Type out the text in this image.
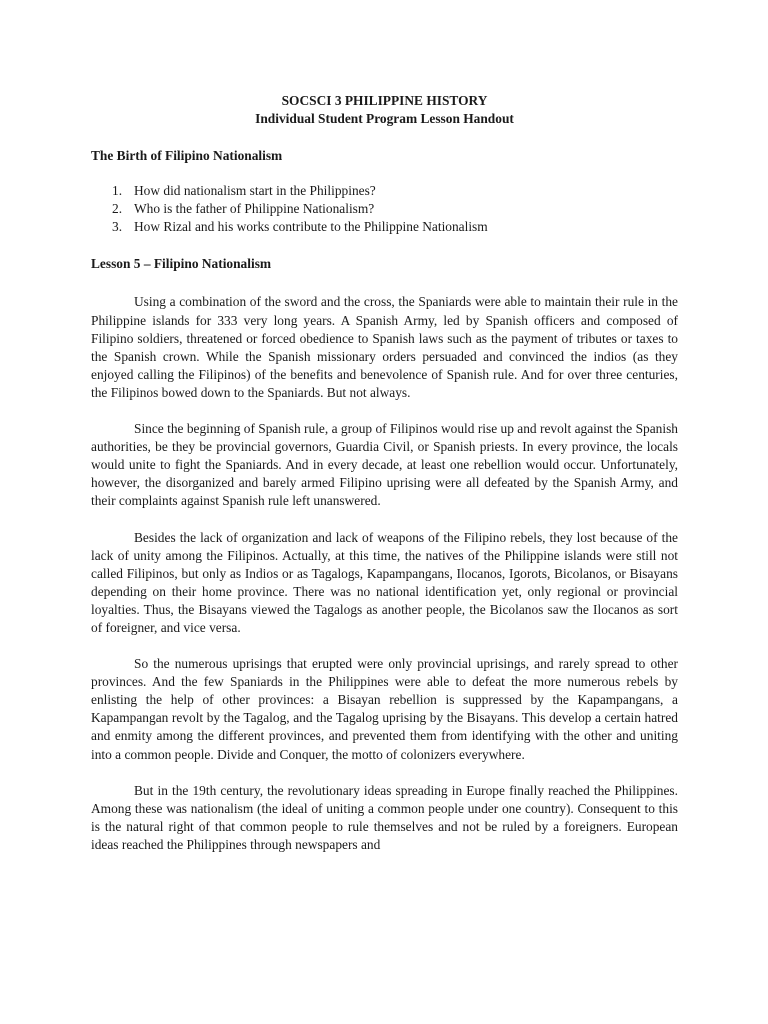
SOCSCI 3 PHILIPPINE HISTORY
Individual Student Program Lesson Handout
The Birth of Filipino Nationalism
1. How did nationalism start in the Philippines?
2. Who is the father of Philippine Nationalism?
3. How Rizal and his works contribute to the Philippine Nationalism
Lesson 5 – Filipino Nationalism

Using a combination of the sword and the cross, the Spaniards were able to maintain their rule in the Philippine islands for 333 very long years. A Spanish Army, led by Spanish officers and composed of Filipino soldiers, threatened or forced obedience to Spanish laws such as the payment of tributes or taxes to the Spanish crown. While the Spanish missionary orders persuaded and convinced the indios (as they enjoyed calling the Filipinos) of the benefits and benevolence of Spanish rule. And for over three centuries, the Filipinos bowed down to the Spaniards. But not always.

Since the beginning of Spanish rule, a group of Filipinos would rise up and revolt against the Spanish authorities, be they be provincial governors, Guardia Civil, or Spanish priests. In every province, the locals would unite to fight the Spaniards. And in every decade, at least one rebellion would occur. Unfortunately, however, the disorganized and barely armed Filipino uprising were all defeated by the Spanish Army, and their complaints against Spanish rule left unanswered.

Besides the lack of organization and lack of weapons of the Filipino rebels, they lost because of the lack of unity among the Filipinos. Actually, at this time, the natives of the Philippine islands were still not called Filipinos, but only as Indios or as Tagalogs, Kapampangans, Ilocanos, Igorots, Bicolanos, or Bisayans depending on their home province. There was no national identification yet, only regional or provincial loyalties. Thus, the Bisayans viewed the Tagalogs as another people, the Bicolanos saw the Ilocanos as sort of foreigner, and vice versa.

So the numerous uprisings that erupted were only provincial uprisings, and rarely spread to other provinces. And the few Spaniards in the Philippines were able to defeat the more numerous rebels by enlisting the help of other provinces: a Bisayan rebellion is suppressed by the Kapampangans, a Kapampangan revolt by the Tagalog, and the Tagalog uprising by the Bisayans. This develop a certain hatred and enmity among the different provinces, and prevented them from identifying with the other and uniting into a common people. Divide and Conquer, the motto of colonizers everywhere.

But in the 19th century, the revolutionary ideas spreading in Europe finally reached the Philippines. Among these was nationalism (the ideal of uniting a common people under one country). Consequent to this is the natural right of that common people to rule themselves and not be ruled by a foreigners. European ideas reached the Philippines through newspapers and
